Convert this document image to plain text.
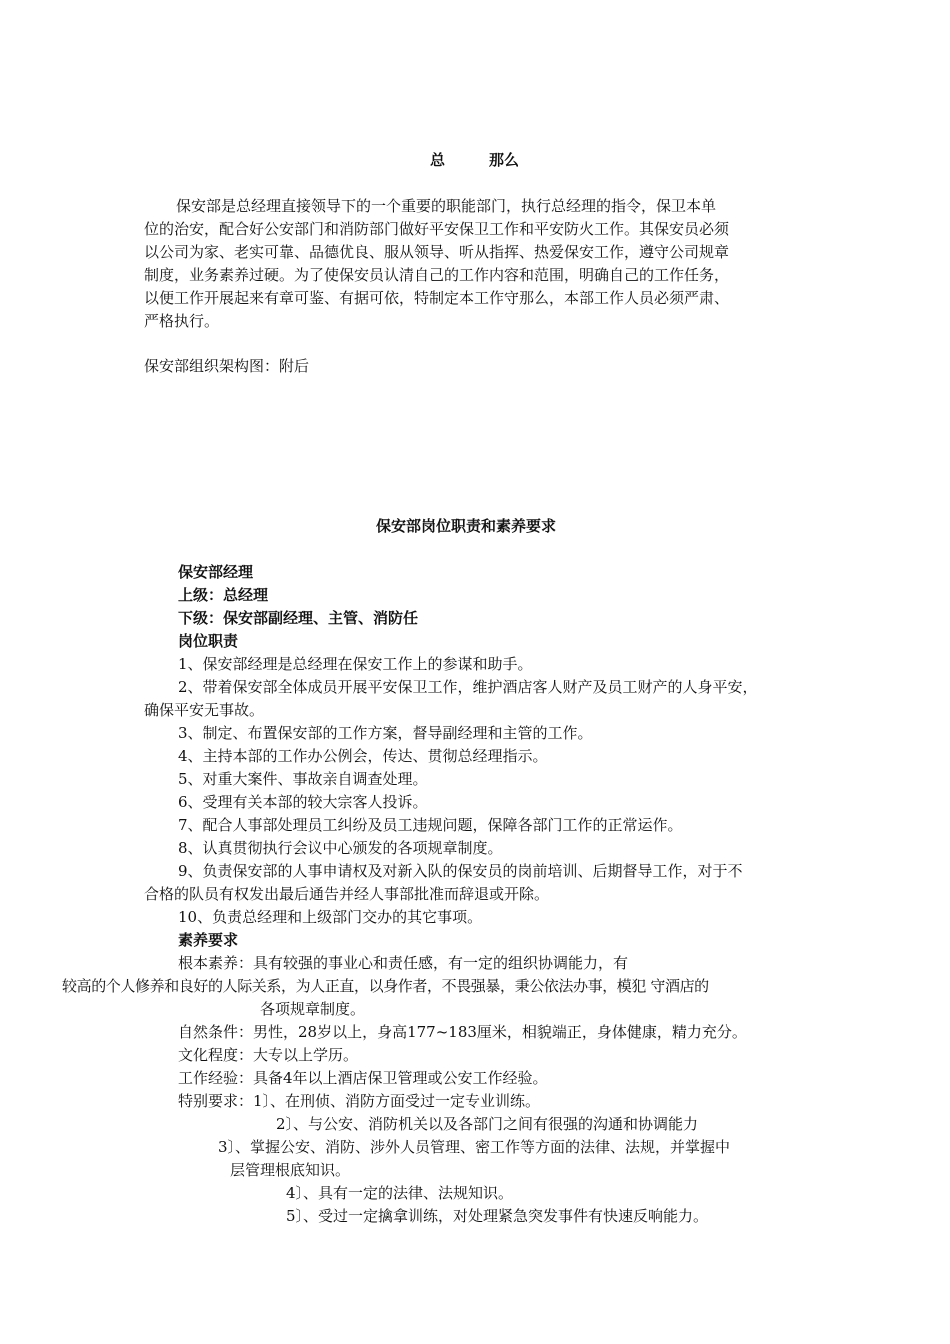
总	那么
保安部是总经理直接领导下的一个重要的职能部门，执行总经理的指令，保卫本单
位的治安，配合好公安部门和消防部门做好平安保卫工作和平安防火工作。其保安员必须
以公司为家、老实可靠、品德优良、服从领导、听从指挥、热爱保安工作，遵守公司规章
制度，业务素养过硬。为了使保安员认清自己的工作内容和范围，明确自己的工作任务，
以便工作开展起来有章可鉴、有据可依，特制定本工作守那么，本部工作人员必须严肃、
严格执行。
保安部组织架构图：附后
保安部岗位职责和素养要求
保安部经理
上级：总经理
下级：保安部副经理、主管、消防任
岗位职责
1、保安部经理是总经理在保安工作上的参谋和助手。
2、带着保安部全体成员开展平安保卫工作，维护酒店客人财产及员工财产的人身平安，
确保平安无事故。
3、制定、布置保安部的工作方案，督导副经理和主管的工作。
4、主持本部的工作办公例会，传达、贯彻总经理指示。
5、对重大案件、事故亲自调查处理。
6、受理有关本部的较大宗客人投诉。
7、配合人事部处理员工纠纷及员工违规问题，保障各部门工作的正常运作。
8、认真贯彻执行会议中心颁发的各项规章制度。
9、负责保安部的人事申请权及对新入队的保安员的岗前培训、后期督导工作，对于不
合格的队员有权发出最后通告并经人事部批准而辞退或开除。
10、负责总经理和上级部门交办的其它事项。
素养要求
根本素养：具有较强的事业心和责任感，有一定的组织协调能力，有
较高的个人修养和良好的人际关系，为人正直，以身作者，不畏强暴，秉公依法办事，模犯 守酒店的
各项规章制度。
自然条件：男性，28岁以上，身高177~183厘米，相貌端正，身体健康，精力充分。
文化程度：大专以上学历。
工作经验：具备4年以上酒店保卫管理或公安工作经验。
特别要求：1〕、在刑侦、消防方面受过一定专业训练。
2〕、与公安、消防机关以及各部门之间有很强的沟通和协调能力
3〕、掌握公安、消防、涉外人员管理、密工作等方面的法律、法规，并掌握中
层管理根底知识。
4〕、具有一定的法律、法规知识。
5〕、受过一定擒拿训练，对处理紧急突发事件有快速反响能力。
